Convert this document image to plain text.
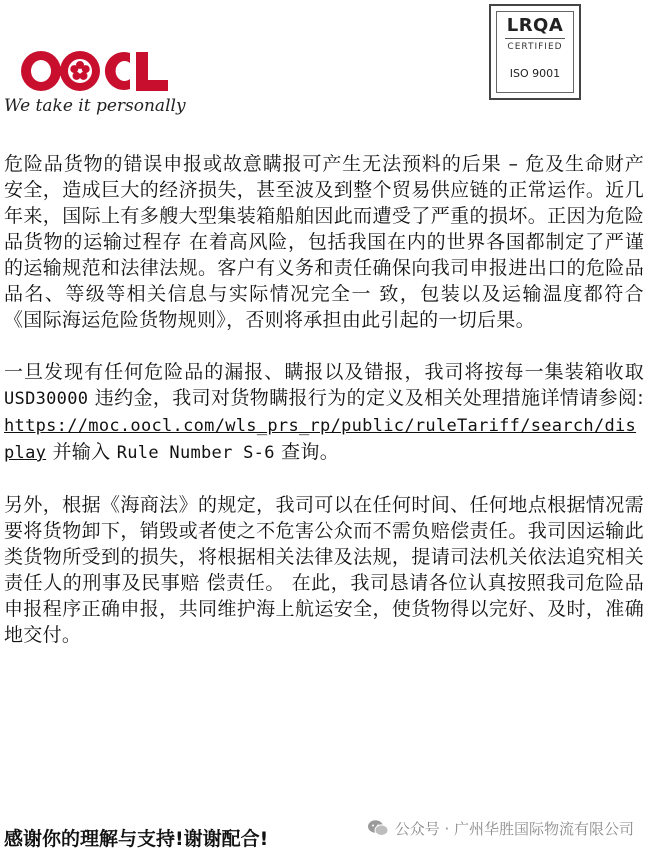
We take it personally
LRQA
CERTIFIED
ISO 9001

危险品货物的错误申报或故意瞒报可产生无法预料的后果 – 危及生命财产安全，造成巨大的经济损失，甚至波及到整个贸易供应链的正常运作。近几年来，国际上有多艘大型集装箱船舶因此而遭受了严重的损坏。正因为危险品货物的运输过程存 在着高风险，包括我国在内的世界各国都制定了严谨的运输规范和法律法规。客户有义务和责任确保向我司申报进出口的危险品品名、等级等相关信息与实际情况完全一 致，包装以及运输温度都符合《国际海运危险货物规则》，否则将承担由此引起的一切后果。

一旦发现有任何危险品的漏报、瞒报以及错报，我司将按每一集装箱收取 USD30000 违约金，我司对货物瞒报行为的定义及相关处理措施详情请参阅: https://moc.oocl.com/wls_prs_rp/public/ruleTariff/search/display 并输入 Rule Number S-6 查询。

另外，根据《海商法》的规定，我司可以在任何时间、任何地点根据情况需要将货物卸下，销毁或者使之不危害公众而不需负赔偿责任。我司因运输此类货物所受到的损失，将根据相关法律及法规，提请司法机关依法追究相关责任人的刑事及民事赔 偿责任。 在此，我司恳请各位认真按照我司危险品申报程序正确申报，共同维护海上航运安全，使货物得以完好、及时，准确地交付。

感谢你的理解与支持!谢谢配合!	公众号 · 广州华胜国际物流有限公司
